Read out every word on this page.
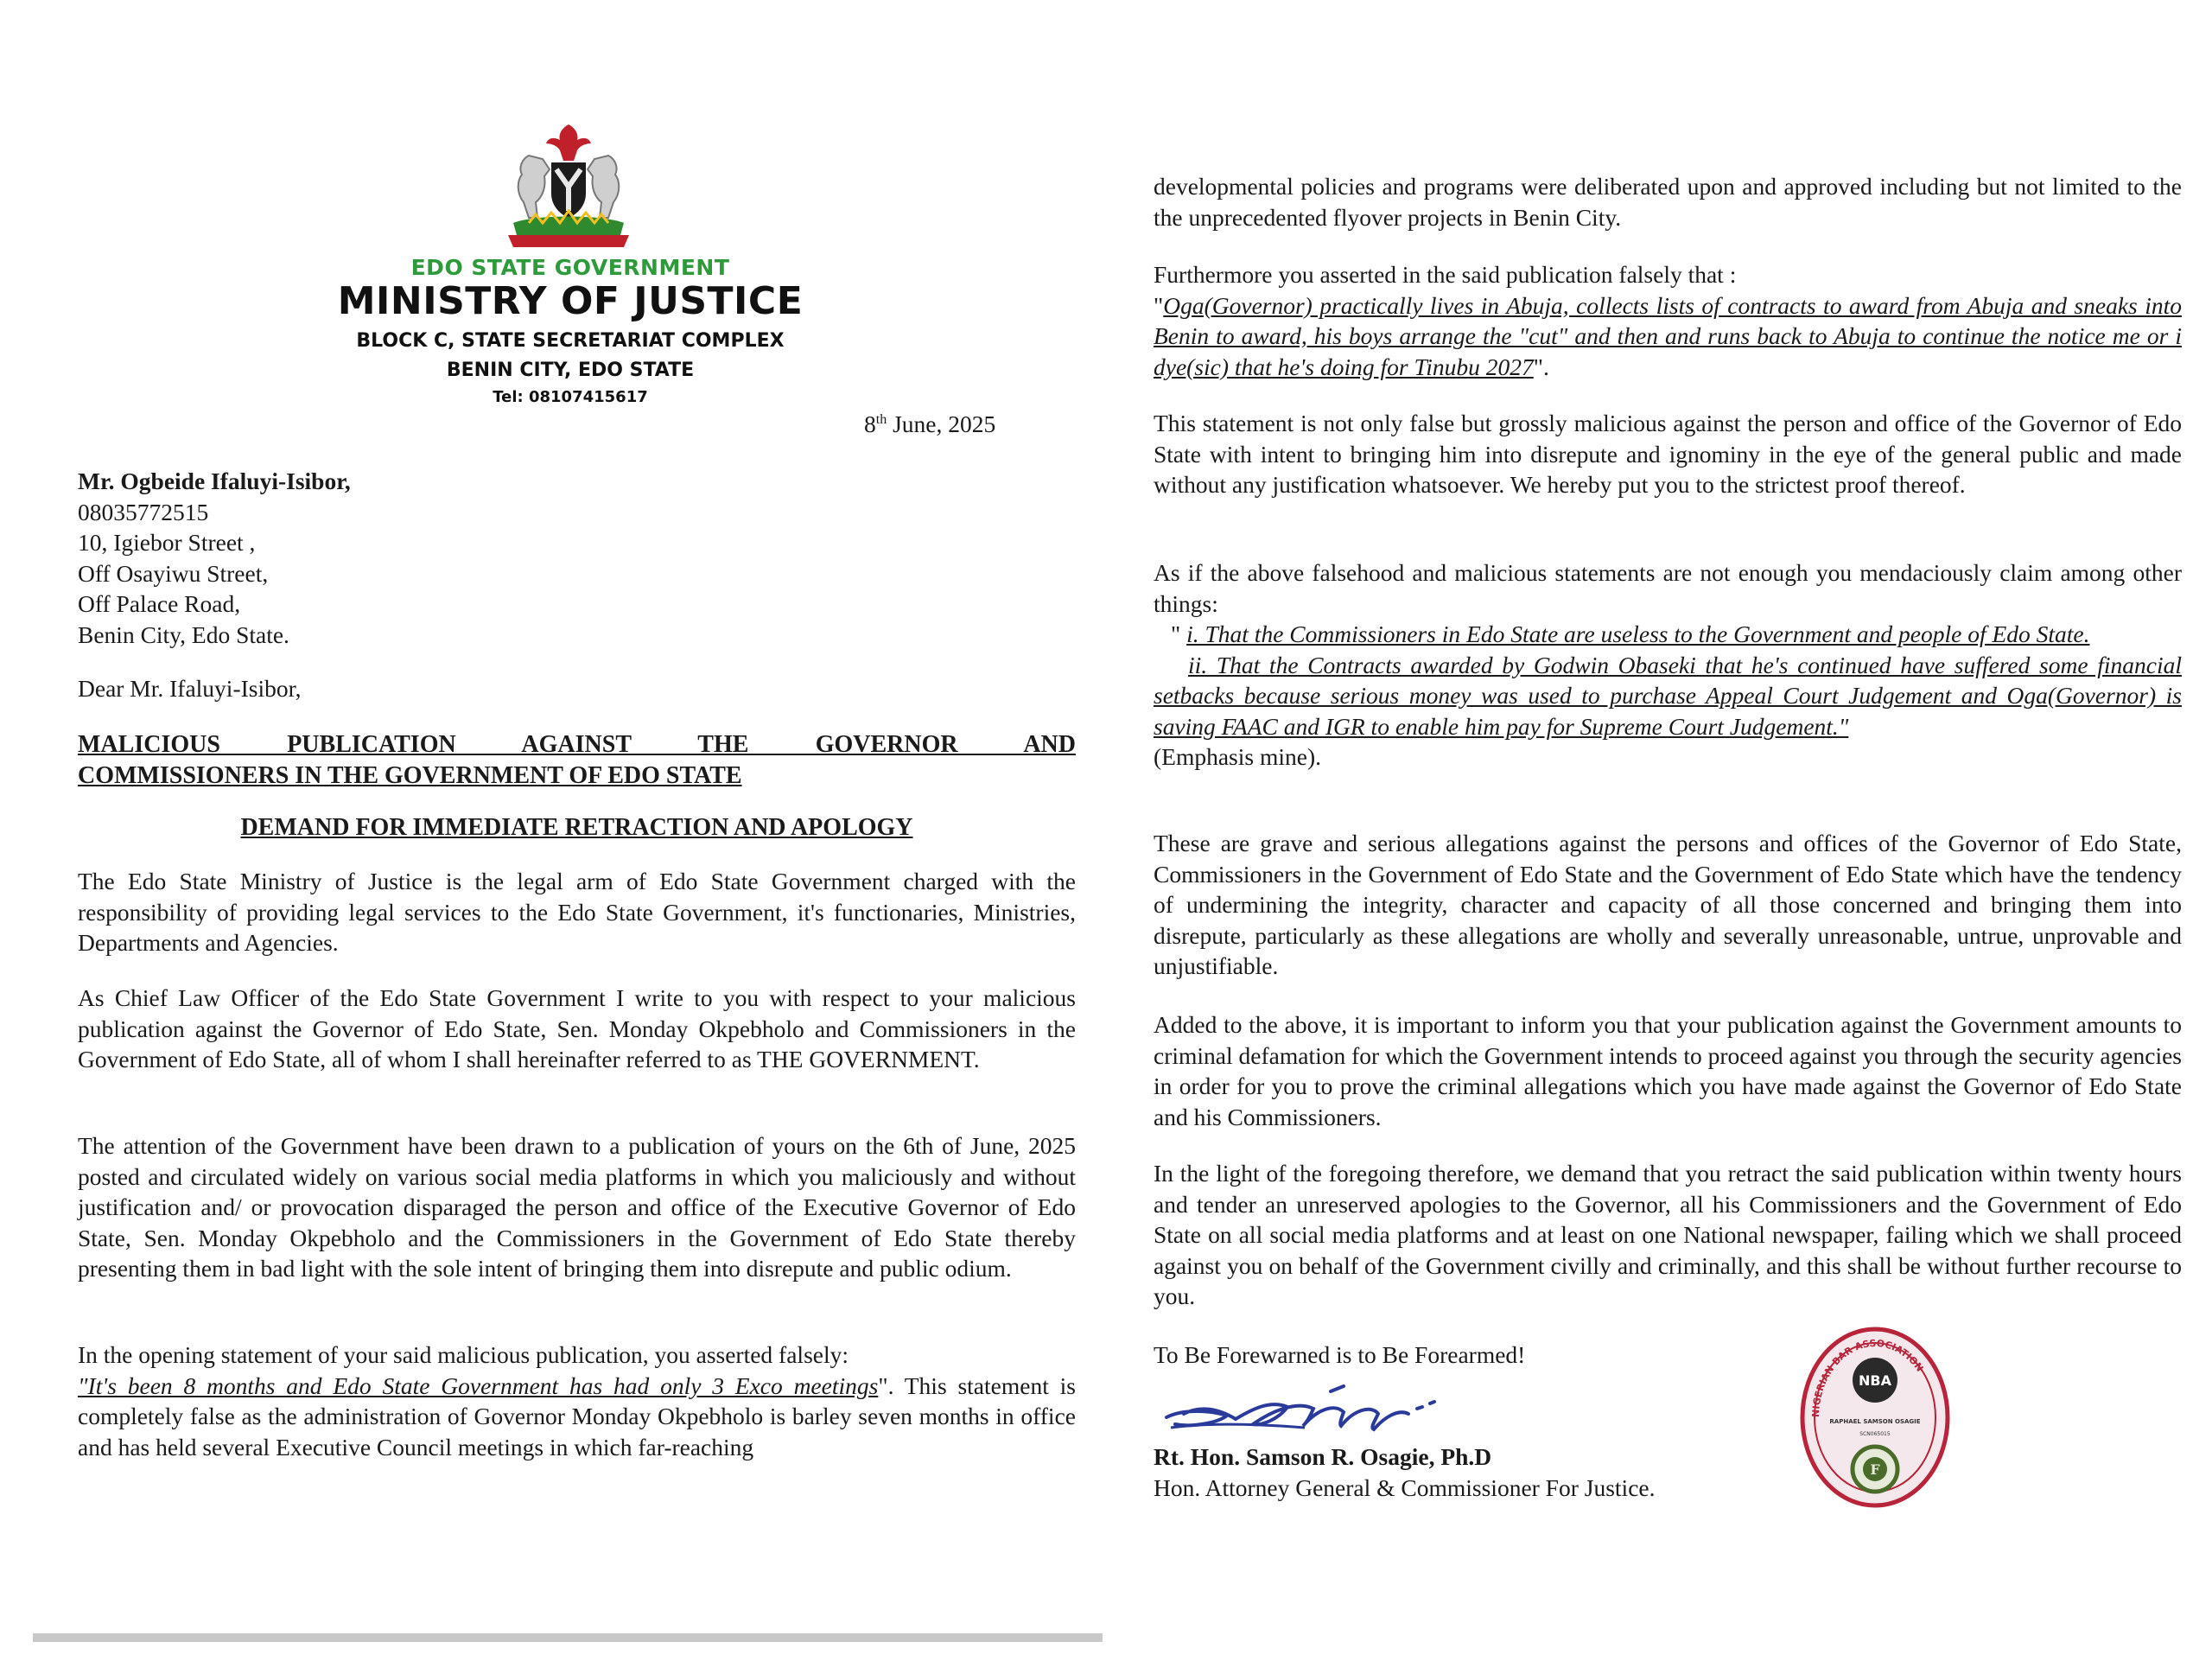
EDO STATE GOVERNMENT
MINISTRY OF JUSTICE
BLOCK C, STATE SECRETARIAT COMPLEX
BENIN CITY, EDO STATE
Tel: 08107415617
8th June, 2025
Mr. Ogbeide Ifaluyi-Isibor,
08035772515
10, Igiebor Street ,
Off Osayiwu Street,
Off Palace Road,
Benin City, Edo State.
Dear Mr. Ifaluyi-Isibor,
MALICIOUS PUBLICATION AGAINST THE GOVERNOR AND
COMMISSIONERS IN THE GOVERNMENT OF EDO STATE
DEMAND FOR IMMEDIATE RETRACTION AND APOLOGY

The Edo State Ministry of Justice is the legal arm of Edo State Government charged with the responsibility of providing legal services to the Edo State Government, it's functionaries, Ministries, Departments and Agencies.

As Chief Law Officer of the Edo State Government I write to you with respect to your malicious publication against the Governor of Edo State, Sen. Monday Okpebholo and Commissioners in the Government of Edo State, all of whom I shall hereinafter referred to as THE GOVERNMENT.

The attention of the Government have been drawn to a publication of yours on the 6th of June, 2025 posted and circulated widely on various social media platforms in which you maliciously and without justification and/ or provocation disparaged the person and office of the Executive Governor of Edo State, Sen. Monday Okpebholo and the Commissioners in the Government of Edo State thereby presenting them in bad light with the sole intent of bringing them into disrepute and public odium.

In the opening statement of your said malicious publication, you asserted falsely:
"It's been 8 months and Edo State Government has had only 3 Exco meetings". This statement is completely false as the administration of Governor Monday Okpebholo is barley seven months in office and has held several Executive Council meetings in which far-reaching

developmental policies and programs were deliberated upon and approved including but not limited to the the unprecedented flyover projects in Benin City.

Furthermore you asserted in the said publication falsely that :
"Oga(Governor) practically lives in Abuja, collects lists of contracts to award from Abuja and sneaks into Benin to award, his boys arrange the "cut" and then and runs back to Abuja to continue the notice me or i dye(sic) that he's doing for Tinubu 2027".

This statement is not only false but grossly malicious against the person and office of the Governor of Edo State with intent to bringing him into disrepute and ignominy in the eye of the general public and made without any justification whatsoever. We hereby put you to the strictest proof thereof.

As if the above falsehood and malicious statements are not enough you mendaciously claim among other things:
" i. That the Commissioners in Edo State are useless to the Government and people of Edo State.
ii. That the Contracts awarded by Godwin Obaseki that he's continued have suffered some financial setbacks because serious money was used to purchase Appeal Court Judgement and Oga(Governor) is saving FAAC and IGR to enable him pay for Supreme Court Judgement."
(Emphasis mine).

These are grave and serious allegations against the persons and offices of the Governor of Edo State, Commissioners in the Government of Edo State and the Government of Edo State which have the tendency of undermining the integrity, character and capacity of all those concerned and bringing them into disrepute, particularly as these allegations are wholly and severally unreasonable, untrue, unprovable and unjustifiable.

Added to the above, it is important to inform you that your publication against the Government amounts to criminal defamation for which the Government intends to proceed against you through the security agencies in order for you to prove the criminal allegations which you have made against the Governor of Edo State and his Commissioners.

In the light of the foregoing therefore, we demand that you retract the said publication within twenty hours and tender an unreserved apologies to the Governor, all his Commissioners and the Government of Edo State on all social media platforms and at least on one National newspaper, failing which we shall proceed against you on behalf of the Government civilly and criminally, and this shall be without further recourse to you.

To Be Forewarned is to Be Forearmed!

Rt. Hon. Samson R. Osagie, Ph.D
Hon. Attorney General & Commissioner For Justice.
NIGERIAN BAR ASSOCIATION
NBA
RAPHAEL SAMSON OSAGIE
SCN065015
F
